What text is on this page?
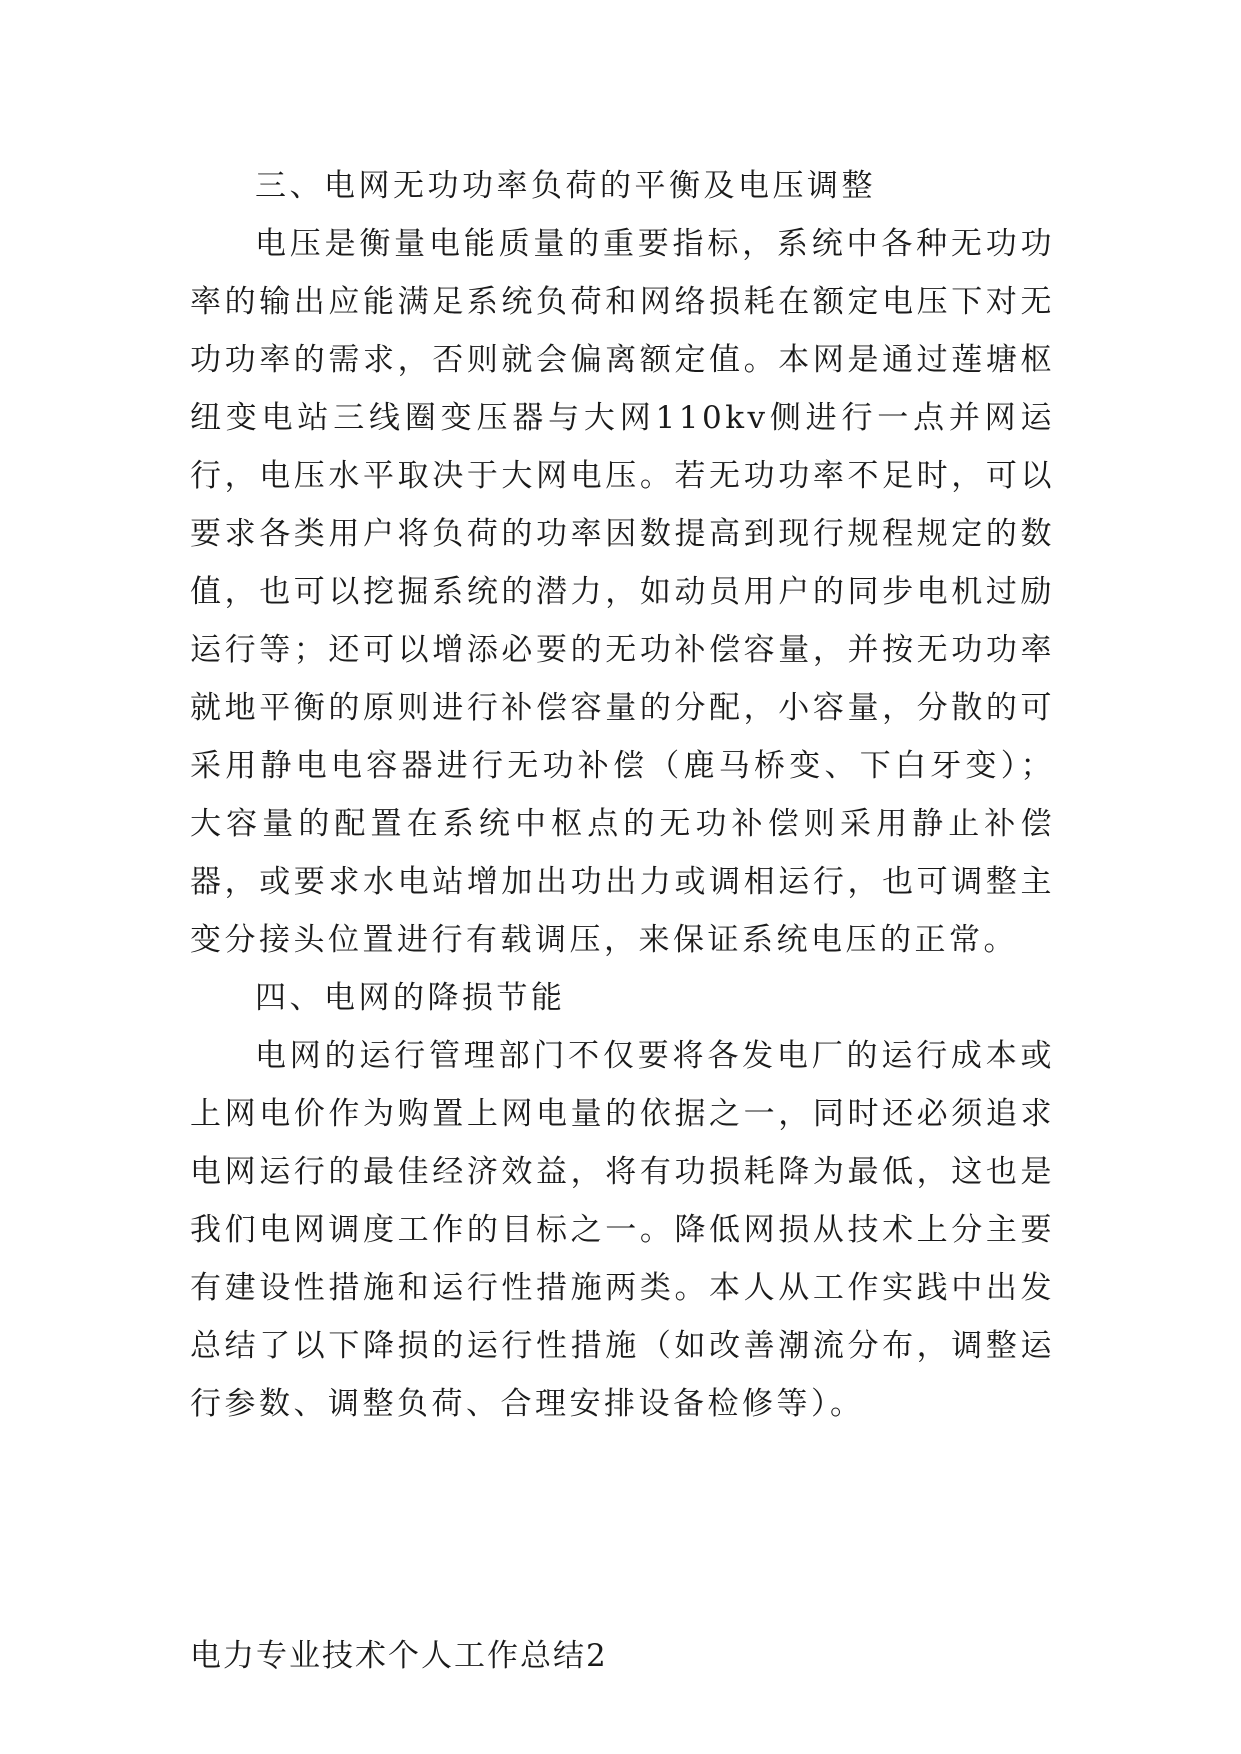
三、电网无功功率负荷的平衡及电压调整

电压是衡量电能质量的重要指标，系统中各种无功功率的输出应能满足系统负荷和网络损耗在额定电压下对无功功率的需求，否则就会偏离额定值。本网是通过莲塘枢纽变电站三线圈变压器与大网110kv侧进行一点并网运行，电压水平取决于大网电压。若无功功率不足时，可以要求各类用户将负荷的功率因数提高到现行规程规定的数值，也可以挖掘系统的潜力，如动员用户的同步电机过励运行等；还可以增添必要的无功补偿容量，并按无功功率就地平衡的原则进行补偿容量的分配，小容量，分散的可采用静电电容器进行无功补偿（鹿马桥变、下白牙变）；大容量的配置在系统中枢点的无功补偿则采用静止补偿器，或要求水电站增加出功出力或调相运行，也可调整主变分接头位置进行有载调压，来保证系统电压的正常。

四、电网的降损节能

电网的运行管理部门不仅要将各发电厂的运行成本或上网电价作为购置上网电量的依据之一，同时还必须追求电网运行的最佳经济效益，将有功损耗降为最低，这也是我们电网调度工作的目标之一。降低网损从技术上分主要有建设性措施和运行性措施两类。本人从工作实践中出发总结了以下降损的运行性措施（如改善潮流分布，调整运行参数、调整负荷、合理安排设备检修等）。

电力专业技术个人工作总结2
